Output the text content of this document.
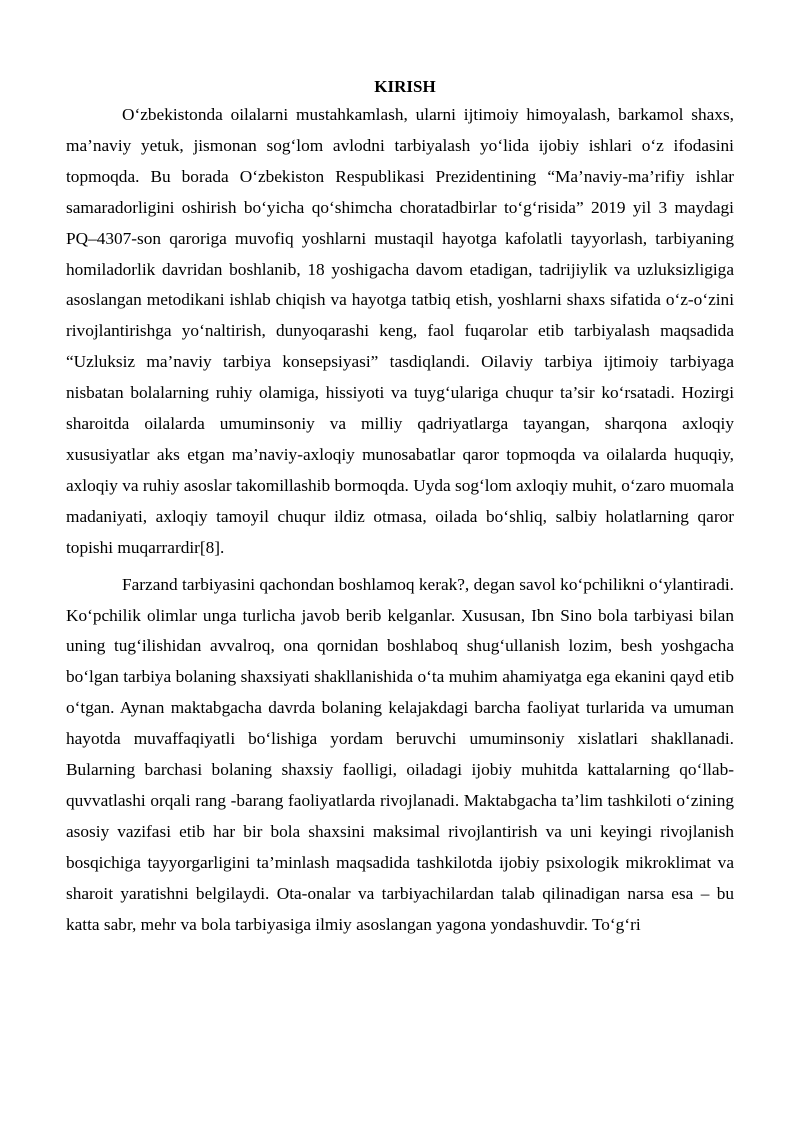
KIRISH

O‘zbekistonda oilalarni mustahkamlash, ularni ijtimoiy himoyalash, barkamol shaxs, ma’naviy yetuk, jismonan sog‘lom avlodni tarbiyalash yo‘lida ijobiy ishlari o‘z ifodasini topmoqda. Bu borada O‘zbekiston Respublikasi Prezidentining “Ma’naviy-ma’rifiy ishlar samaradorligini oshirish bo‘yicha qo‘shimcha choratadbirlar to‘g‘risida” 2019 yil 3 maydagi PQ–4307-son qaroriga muvofiq yoshlarni mustaqil hayotga kafolatli tayyorlash, tarbiyaning homiladorlik davridan boshlanib, 18 yoshigacha davom etadigan, tadrijiylik va uzluksizligiga asoslangan metodikani ishlab chiqish va hayotga tatbiq etish, yoshlarni shaxs sifatida o‘z-o‘zini rivojlantirishga yo‘naltirish, dunyoqarashi keng, faol fuqarolar etib tarbiyalash maqsadida “Uzluksiz ma’naviy tarbiya konsepsiyasi” tasdiqlandi. Oilaviy tarbiya ijtimoiy tarbiyaga nisbatan bolalarning ruhiy olamiga, hissiyoti va tuyg‘ulariga chuqur ta’sir ko‘rsatadi. Hozirgi sharoitda oilalarda umuminsoniy va milliy qadriyatlarga tayangan, sharqona axloqiy xususiyatlar aks etgan ma’naviy-axloqiy munosabatlar qaror topmoqda va oilalarda huquqiy, axloqiy va ruhiy asoslar takomillashib bormoqda. Uyda sog‘lom axloqiy muhit, o‘zaro muomala madaniyati, axloqiy tamoyil chuqur ildiz otmasa, oilada bo‘shliq, salbiy holatlarning qaror topishi muqarrardir[8].

Farzand tarbiyasini qachondan boshlamoq kerak?, degan savol ko‘pchilikni o‘ylantiradi. Ko‘pchilik olimlar unga turlicha javob berib kelganlar. Xususan, Ibn Sino bola tarbiyasi bilan uning tug‘ilishidan avvalroq, ona qornidan boshlaboq shug‘ullanish lozim, besh yoshgacha bo‘lgan tarbiya bolaning shaxsiyati shakllanishida o‘ta muhim ahamiyatga ega ekanini qayd etib o‘tgan. Aynan maktabgacha davrda bolaning kelajakdagi barcha faoliyat turlarida va umuman hayotda muvaffaqiyatli bo‘lishiga yordam beruvchi umuminsoniy xislatlari shakllanadi. Bularning barchasi bolaning shaxsiy faolligi, oiladagi ijobiy muhitda kattalarning qo‘llab-quvvatlashi orqali rang -barang faoliyatlarda rivojlanadi. Maktabgacha ta’lim tashkiloti o‘zining asosiy vazifasi etib har bir bola shaxsini maksimal rivojlantirish va uni keyingi rivojlanish bosqichiga tayyorgarligini ta’minlash maqsadida tashkilotda ijobiy psixologik mikroklimat va sharoit yaratishni belgilaydi. Ota-onalar va tarbiyachilardan talab qilinadigan narsa esa – bu katta sabr, mehr va bola tarbiyasiga ilmiy asoslangan yagona yondashuvdir. To‘g‘ri
